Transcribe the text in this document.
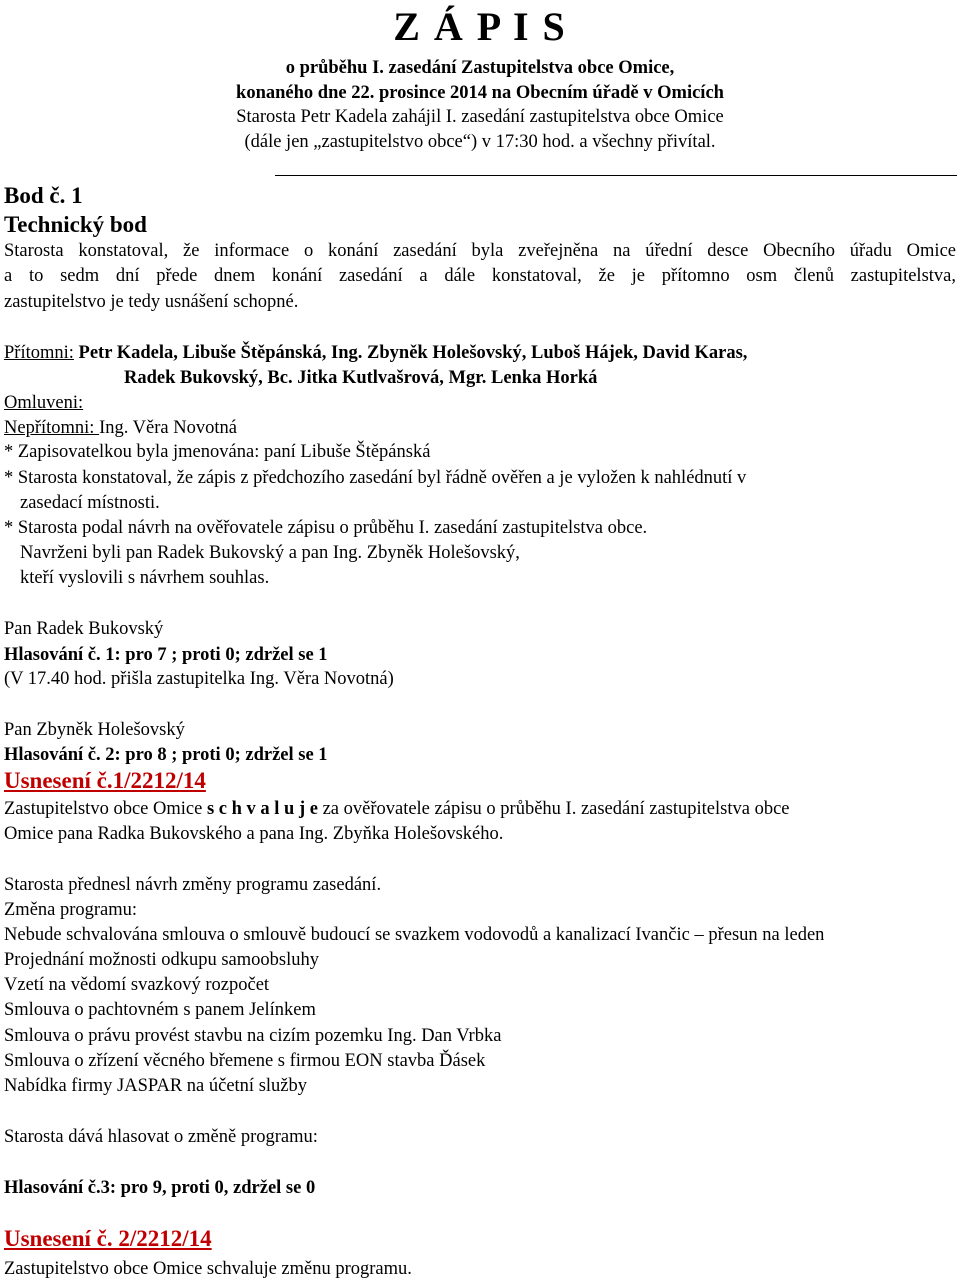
Z Á P I S
o průběhu I. zasedání Zastupitelstva obce Omice,
konaného dne 22. prosince 2014 na Obecním úřadě v Omicích
Starosta Petr Kadela zahájil I. zasedání zastupitelstva obce Omice
(dále jen „zastupitelstvo obce“) v 17:30 hod. a všechny přivítal.
Bod č. 1
Technický bod
Starosta konstatoval, že informace o konání zasedání byla zveřejněna na úřední desce Obecního úřadu Omice
a to sedm dní přede dnem konání zasedání a dále konstatoval, že je přítomno osm členů zastupitelstva,
zastupitelstvo je tedy usnášení schopné.
Přítomni: Petr Kadela, Libuše Štěpánská, Ing. Zbyněk Holešovský, Luboš Hájek, David Karas,
Radek Bukovský, Bc. Jitka Kutlvašrová, Mgr. Lenka Horká
Omluveni:
Nepřítomni: Ing. Věra Novotná
* Zapisovatelkou byla jmenována: paní Libuše Štěpánská
* Starosta konstatoval, že zápis z předchozího zasedání byl řádně ověřen a je vyložen k nahlédnutí v
zasedací místnosti.
* Starosta podal návrh na ověřovatele zápisu o průběhu I. zasedání zastupitelstva obce.
Navrženi byli pan Radek Bukovský a pan Ing. Zbyněk Holešovský,
kteří vyslovili s návrhem souhlas.
Pan Radek Bukovský
Hlasování č. 1: pro 7 ; proti 0; zdržel se 1
(V 17.40 hod. přišla zastupitelka Ing. Věra Novotná)
Pan Zbyněk Holešovský
Hlasování č. 2: pro 8 ; proti 0; zdržel se 1
Usnesení č.1/2212/14
Zastupitelstvo obce Omice s c h v a l u j e za ověřovatele zápisu o průběhu I. zasedání zastupitelstva obce
Omice pana Radka Bukovského a pana Ing. Zbyňka Holešovského.
Starosta přednesl návrh změny programu zasedání.
Změna programu:
Nebude schvalována smlouva o smlouvě budoucí se svazkem vodovodů a kanalizací Ivančic – přesun na leden
Projednání možnosti odkupu samoobsluhy
Vzetí na vědomí svazkový rozpočet
Smlouva o pachtovném s panem Jelínkem
Smlouva o právu provést stavbu na cizím pozemku Ing. Dan Vrbka
Smlouva o zřízení věcného břemene s firmou EON stavba Ďásek
Nabídka firmy JASPAR na účetní služby
Starosta dává hlasovat o změně programu:
Hlasování č.3: pro 9, proti 0, zdržel se 0
Usnesení č. 2/2212/14
Zastupitelstvo obce Omice schvaluje změnu programu.
